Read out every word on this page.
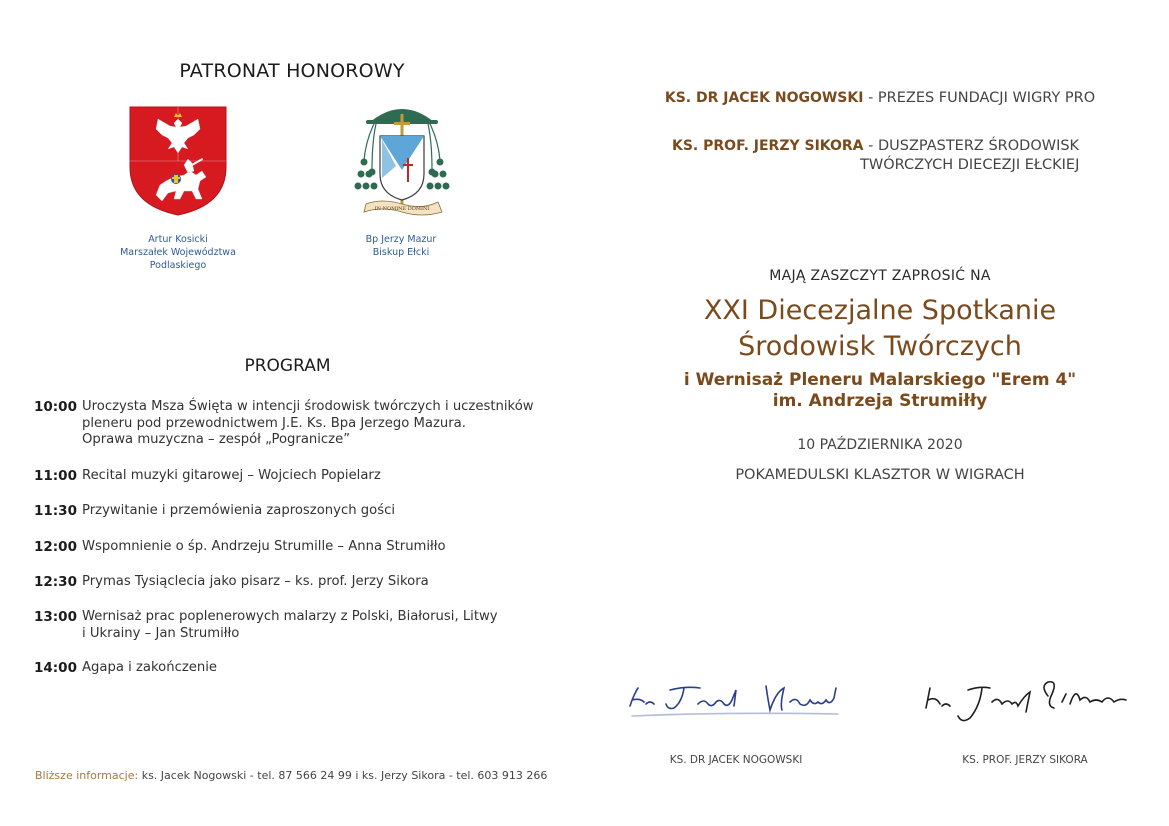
PATRONAT HONOROWY
IN NOMINE DOMINI
Artur Kosicki
Marszałek Województwa
Podlaskiego
Bp Jerzy Mazur
Biskup Ełcki
PROGRAM
10:00 Uroczysta Msza Święta w intencji środowisk twórczych i uczestników
pleneru pod przewodnictwem J.E. Ks. Bpa Jerzego Mazura.
Oprawa muzyczna – zespół „Pogranicze”
11:00 Recital muzyki gitarowej – Wojciech Popielarz
11:30 Przywitanie i przemówienia zaproszonych gości
12:00 Wspomnienie o śp. Andrzeju Strumille – Anna Strumiłło
12:30 Prymas Tysiąclecia jako pisarz – ks. prof. Jerzy Sikora
13:00 Wernisaż prac poplenerowych malarzy z Polski, Białorusi, Litwy
i Ukrainy – Jan Strumiłło
14:00 Agapa i zakończenie
Bliższe informacje: ks. Jacek Nogowski - tel. 87 566 24 99 i ks. Jerzy Sikora - tel. 603 913 266
KS. DR JACEK NOGOWSKI - PREZES FUNDACJI WIGRY PRO
KS. PROF. JERZY SIKORA - DUSZPASTERZ ŚRODOWISK
TWÓRCZYCH DIECEZJI EŁCKIEJ
MAJĄ ZASZCZYT ZAPROSIĆ NA
XXI Diecezjalne Spotkanie
Środowisk Twórczych
i Wernisaż Pleneru Malarskiego "Erem 4"
im. Andrzeja Strumiłły
10 PAŹDZIERNIKA 2020
POKAMEDULSKI KLASZTOR W WIGRACH
KS. DR JACEK NOGOWSKI	KS. PROF. JERZY SIKORA
